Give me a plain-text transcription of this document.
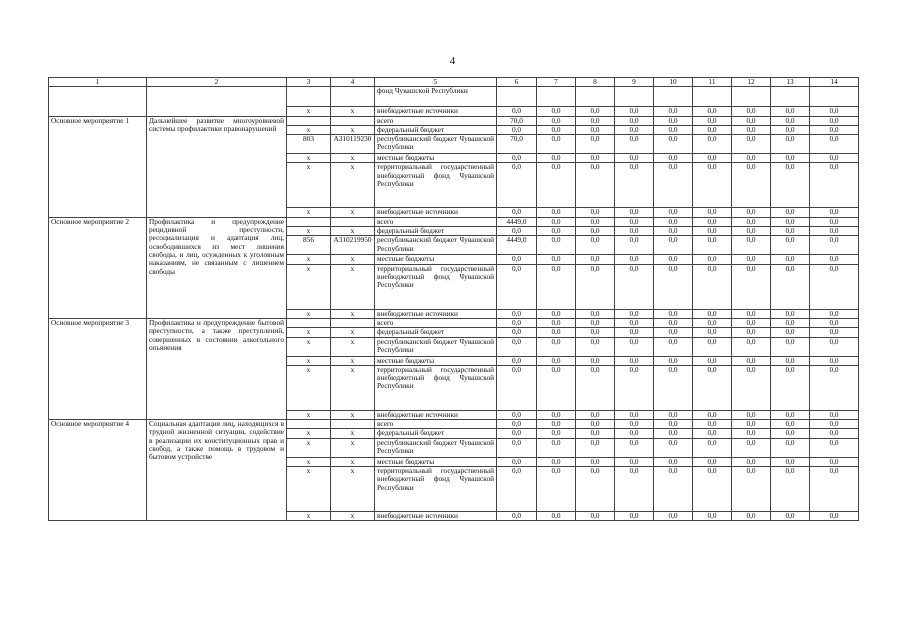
4
1	2	3	4	5	6	7	8	9	10	11	12	13	14
				фонд Чувашской Республики									
		х	х	внебюджетные источники	0,0	0,0	0,0	0,0	0,0	0,0	0,0	0,0	0,0
Основное мероприятие 1	Дальнейшее развитие многоуровневой системы профилактики правонарушений			всего	70,0	0,0	0,0	0,0	0,0	0,0	0,0	0,0	0,0
		х	х	федеральный бюджет	0,0	0,0	0,0	0,0	0,0	0,0	0,0	0,0	0,0
		803	А310119230	республиканский бюджет Чувашской Республики	70,0	0,0	0,0	0,0	0,0	0,0	0,0	0,0	0,0
		х	х	местные бюджеты	0,0	0,0	0,0	0,0	0,0	0,0	0,0	0,0	0,0
		х	х	территориальный государственный внебюджетный фонд Чувашской Республики	0,0	0,0	0,0	0,0	0,0	0,0	0,0	0,0	0,0
		х	х	внебюджетные источники	0,0	0,0	0,0	0,0	0,0	0,0	0,0	0,0	0,0
Основное мероприятие 2	Профилактика и предупреждение рецидивной преступности, ресоциализация и адаптация лиц, освободившихся из мест лишения свободы, и лиц, осужденных к уголовным наказаниям, не связанным с лишением свободы			всего	4449,0	0,0	0,0	0,0	0,0	0,0	0,0	0,0	0,0
		х	х	федеральный бюджет	0,0	0,0	0,0	0,0	0,0	0,0	0,0	0,0	0,0
		856	А310219950	республиканский бюджет Чувашской Республики	4449,0	0,0	0,0	0,0	0,0	0,0	0,0	0,0	0,0
		х	х	местные бюджеты	0,0	0,0	0,0	0,0	0,0	0,0	0,0	0,0	0,0
		х	х	территориальный государственный внебюджетный фонд Чувашской Республики	0,0	0,0	0,0	0,0	0,0	0,0	0,0	0,0	0,0
		х	х	внебюджетные источники	0,0	0,0	0,0	0,0	0,0	0,0	0,0	0,0	0,0
Основное мероприятие 3	Профилактика и предупреждение бытовой преступности, а также преступлений, совершенных в состоянии алкогольного опьянения			всего	0,0	0,0	0,0	0,0	0,0	0,0	0,0	0,0	0,0
		х	х	федеральный бюджет	0,0	0,0	0,0	0,0	0,0	0,0	0,0	0,0	0,0
		х	х	республиканский бюджет Чувашской Республики	0,0	0,0	0,0	0,0	0,0	0,0	0,0	0,0	0,0
		х	х	местные бюджеты	0,0	0,0	0,0	0,0	0,0	0,0	0,0	0,0	0,0
		х	х	территориальный государственный внебюджетный фонд Чувашской Республики	0,0	0,0	0,0	0,0	0,0	0,0	0,0	0,0	0,0
		х	х	внебюджетные источники	0,0	0,0	0,0	0,0	0,0	0,0	0,0	0,0	0,0
Основное мероприятие 4	Социальная адаптация лиц, находящихся в трудной жизненной ситуации, содействие в реализации их конституционных прав и свобод, а также помощь в трудовом и бытовом устройстве			всего	0,0	0,0	0,0	0,0	0,0	0,0	0,0	0,0	0,0
		х	х	федеральный бюджет	0,0	0,0	0,0	0,0	0,0	0,0	0,0	0,0	0,0
		х	х	республиканский бюджет Чувашской Республики	0,0	0,0	0,0	0,0	0,0	0,0	0,0	0,0	0,0
		х	х	местные бюджеты	0,0	0,0	0,0	0,0	0,0	0,0	0,0	0,0	0,0
		х	х	территориальный государственный внебюджетный фонд Чувашской Республики	0,0	0,0	0,0	0,0	0,0	0,0	0,0	0,0	0,0
		х	х	внебюджетные источники	0,0	0,0	0,0	0,0	0,0	0,0	0,0	0,0	0,0
